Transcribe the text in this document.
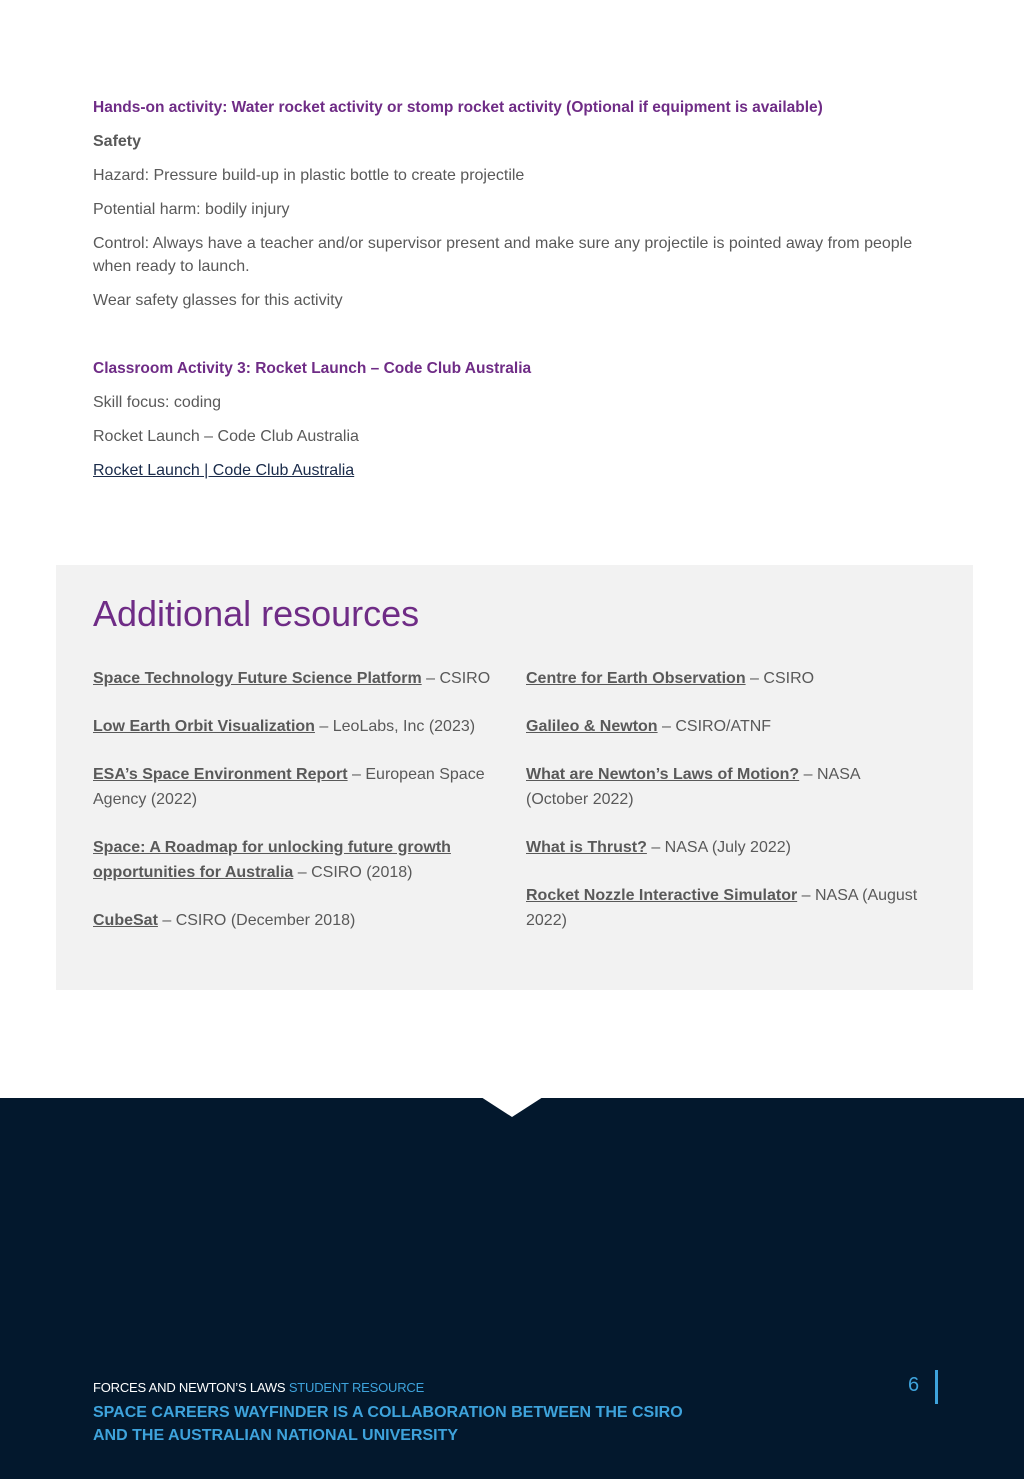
Hands-on activity: Water rocket activity or stomp rocket activity (Optional if equipment is available)
Safety
Hazard: Pressure build-up in plastic bottle to create projectile
Potential harm: bodily injury
Control: Always have a teacher and/or supervisor present and make sure any projectile is pointed away from people when ready to launch.
Wear safety glasses for this activity
Classroom Activity 3: Rocket Launch – Code Club Australia
Skill focus: coding
Rocket Launch – Code Club Australia
Rocket Launch | Code Club Australia
Additional resources

Space Technology Future Science Platform – CSIRO

Low Earth Orbit Visualization – LeoLabs, Inc (2023)

ESA’s Space Environment Report – European Space Agency (2022)

Space: A Roadmap for unlocking future growth opportunities for Australia – CSIRO (2018)

CubeSat – CSIRO (December 2018)

Centre for Earth Observation – CSIRO

Galileo & Newton – CSIRO/ATNF

What are Newton’s Laws of Motion? – NASA (October 2022)

What is Thrust? – NASA (July 2022)

Rocket Nozzle Interactive Simulator – NASA (August 2022)

FORCES AND NEWTON’S LAWS STUDENT RESOURCE
SPACE CAREERS WAYFINDER IS A COLLABORATION BETWEEN THE CSIRO AND THE AUSTRALIAN NATIONAL UNIVERSITY
6
